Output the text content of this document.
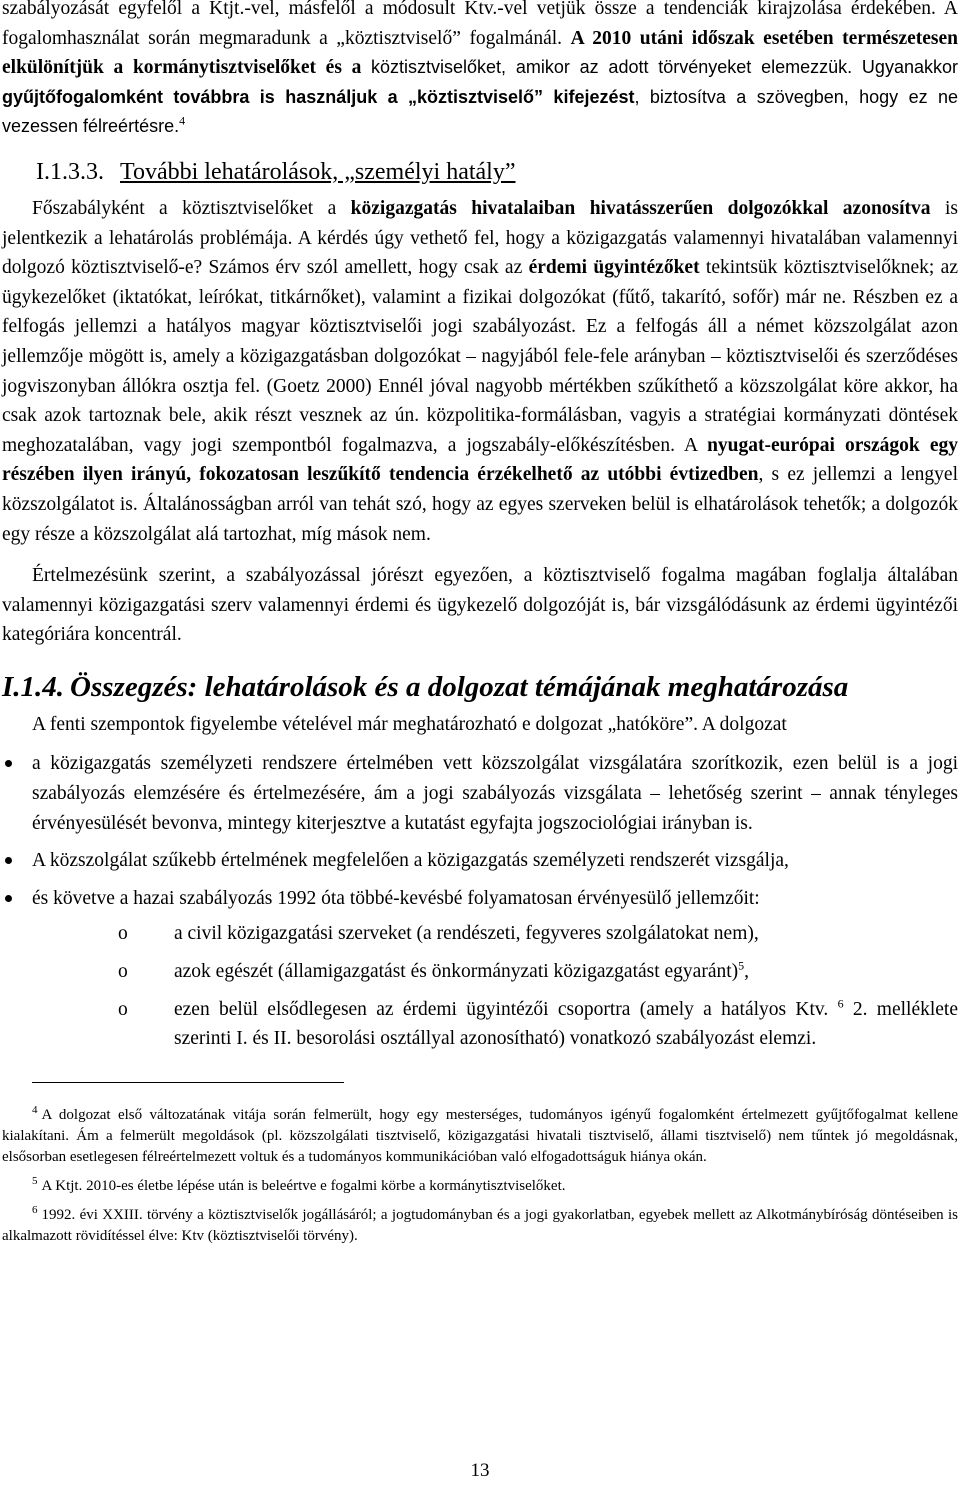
szabályozását egyfelől a Ktjt.-vel, másfelől a módosult Ktv.-vel vetjük össze a tendenciák kirajzolása érdekében. A fogalomhasználat során megmaradunk a „köztisztviselő” fogalmánál. A 2010 utáni időszak esetében természetesen elkülönítjük a kormánytisztviselőket és a köztisztviselőket, amikor az adott törvényeket elemezzük. Ugyanakkor gyűjtőfogalomként továbbra is használjuk a „köztisztviselő” kifejezést, biztosítva a szövegben, hogy ez ne vezessen félreértésre.$^4$

I.1.3.3. További lehatárolások, „személyi hatály”

Főszabályként a köztisztviselőket a közigazgatás hivatalaiban hivatásszerűen dolgozókkal azonosítva is jelentkezik a lehatárolás problémája. A kérdés úgy vethető fel, hogy a közigazgatás valamennyi hivatalában valamennyi dolgozó köztisztviselő-e? Számos érv szól amellett, hogy csak az érdemi ügyintézőket tekintsük köztisztviselőknek; az ügykezelőket (iktatókat, leírókat, titkárnőket), valamint a fizikai dolgozókat (fűtő, takarító, sofőr) már ne. Részben ez a felfogás jellemzi a hatályos magyar köztisztviselői jogi szabályozást. Ez a felfogás áll a német közszolgálat azon jellemzője mögött is, amely a közigazgatásban dolgozókat – nagyjából fele-fele arányban – köztisztviselői és szerződéses jogviszonyban állókra osztja fel. (Goetz 2000) Ennél jóval nagyobb mértékben szűkíthető a közszolgálat köre akkor, ha csak azok tartoznak bele, akik részt vesznek az ún. közpolitika-formálásban, vagyis a stratégiai kormányzati döntések meghozatalában, vagy jogi szempontból fogalmazva, a jogszabály-előkészítésben. A nyugat-európai országok egy részében ilyen irányú, fokozatosan leszűkítő tendencia érzékelhető az utóbbi évtizedben, s ez jellemzi a lengyel közszolgálatot is. Általánosságban arról van tehát szó, hogy az egyes szerveken belül is elhatárolások tehetők; a dolgozók egy része a közszolgálat alá tartozhat, míg mások nem.

Értelmezésünk szerint, a szabályozással jórészt egyezően, a köztisztviselő fogalma magában foglalja általában valamennyi közigazgatási szerv valamennyi érdemi és ügykezelő dolgozóját is, bár vizsgálódásunk az érdemi ügyintézői kategóriára koncentrál.

I.1.4. Összegzés: lehatárolások és a dolgozat témájának meghatározása

A fenti szempontok figyelembe vételével már meghatározható e dolgozat „hatóköre”. A dolgozat

a közigazgatás személyzeti rendszere értelmében vett közszolgálat vizsgálatára szorítkozik, ezen belül is a jogi szabályozás elemzésére és értelmezésére, ám a jogi szabályozás vizsgálata – lehetőség szerint – annak tényleges érvényesülését bevonva, mintegy kiterjesztve a kutatást egyfajta jogszociológiai irányban is.

A közszolgálat szűkebb értelmének megfelelően a közigazgatás személyzeti rendszerét vizsgálja,

és követve a hazai szabályozás 1992 óta többé-kevésbé folyamatosan érvényesülő jellemzőit:

o a civil közigazgatási szerveket (a rendészeti, fegyveres szolgálatokat nem),

o azok egészét (államigazgatást és önkormányzati közigazgatást egyaránt)$^5$,

o ezen belül elsődlegesen az érdemi ügyintézői csoportra (amely a hatályos Ktv. $^6$ 2. melléklete szerinti I. és II. besorolási osztállyal azonosítható) vonatkozó szabályozást elemzi.

$^4$ A dolgozat első változatának vitája során felmerült, hogy egy mesterséges, tudományos igényű fogalomként értelmezett gyűjtőfogalmat kellene kialakítani. Ám a felmerült megoldások (pl. közszolgálati tisztviselő, közigazgatási hivatali tisztviselő, állami tisztviselő) nem tűntek jó megoldásnak, elsősorban esetlegesen félreértelmezett voltuk és a tudományos kommunikációban való elfogadottságuk hiánya okán.
$^5$ A Ktjt. 2010-es életbe lépése után is beleértve e fogalmi körbe a kormánytisztviselőket.
$^6$ 1992. évi XXIII. törvény a köztisztviselők jogállásáról; a jogtudományban és a jogi gyakorlatban, egyebek mellett az Alkotmánybíróság döntéseiben is alkalmazott rövidítéssel élve: Ktv (köztisztviselői törvény).
13
